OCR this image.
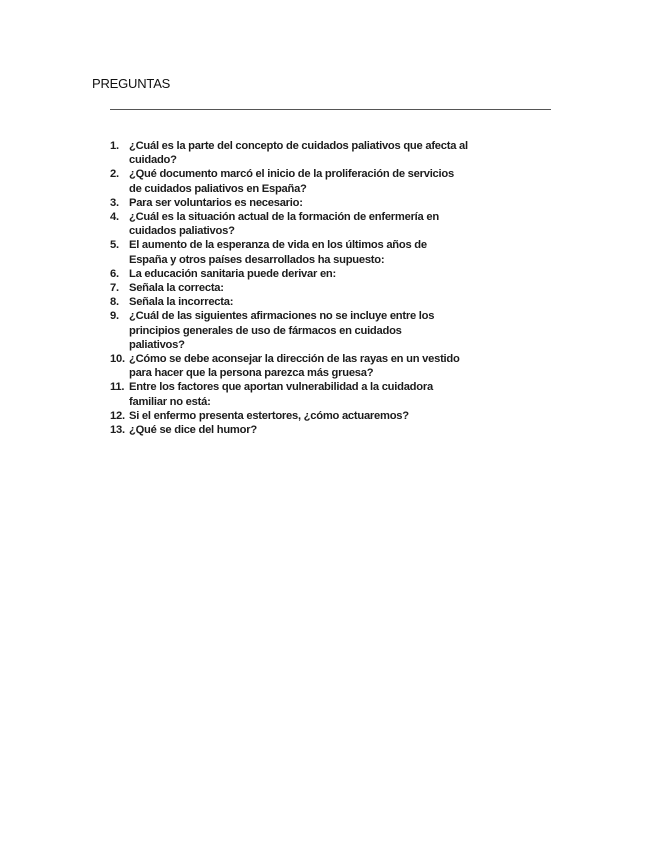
PREGUNTAS
1. ¿Cuál es la parte del concepto de cuidados paliativos que afecta al cuidado?
2. ¿Qué documento marcó el inicio de la proliferación de servicios de cuidados paliativos en España?
3. Para ser voluntarios es necesario:
4. ¿Cuál es la situación actual de la formación de enfermería en cuidados paliativos?
5. El aumento de la esperanza de vida en los últimos años de España y otros países desarrollados ha supuesto:
6. La educación sanitaria puede derivar en:
7. Señala la correcta:
8. Señala la incorrecta:
9. ¿Cuál de las siguientes afirmaciones no se incluye entre los principios generales de uso de fármacos en cuidados paliativos?
10. ¿Cómo se debe aconsejar la dirección de las rayas en un vestido para hacer que la persona parezca más gruesa?
11. Entre los factores que aportan vulnerabilidad a la cuidadora familiar no está:
12. Si el enfermo presenta estertores, ¿cómo actuaremos?
13. ¿Qué se dice del humor?
